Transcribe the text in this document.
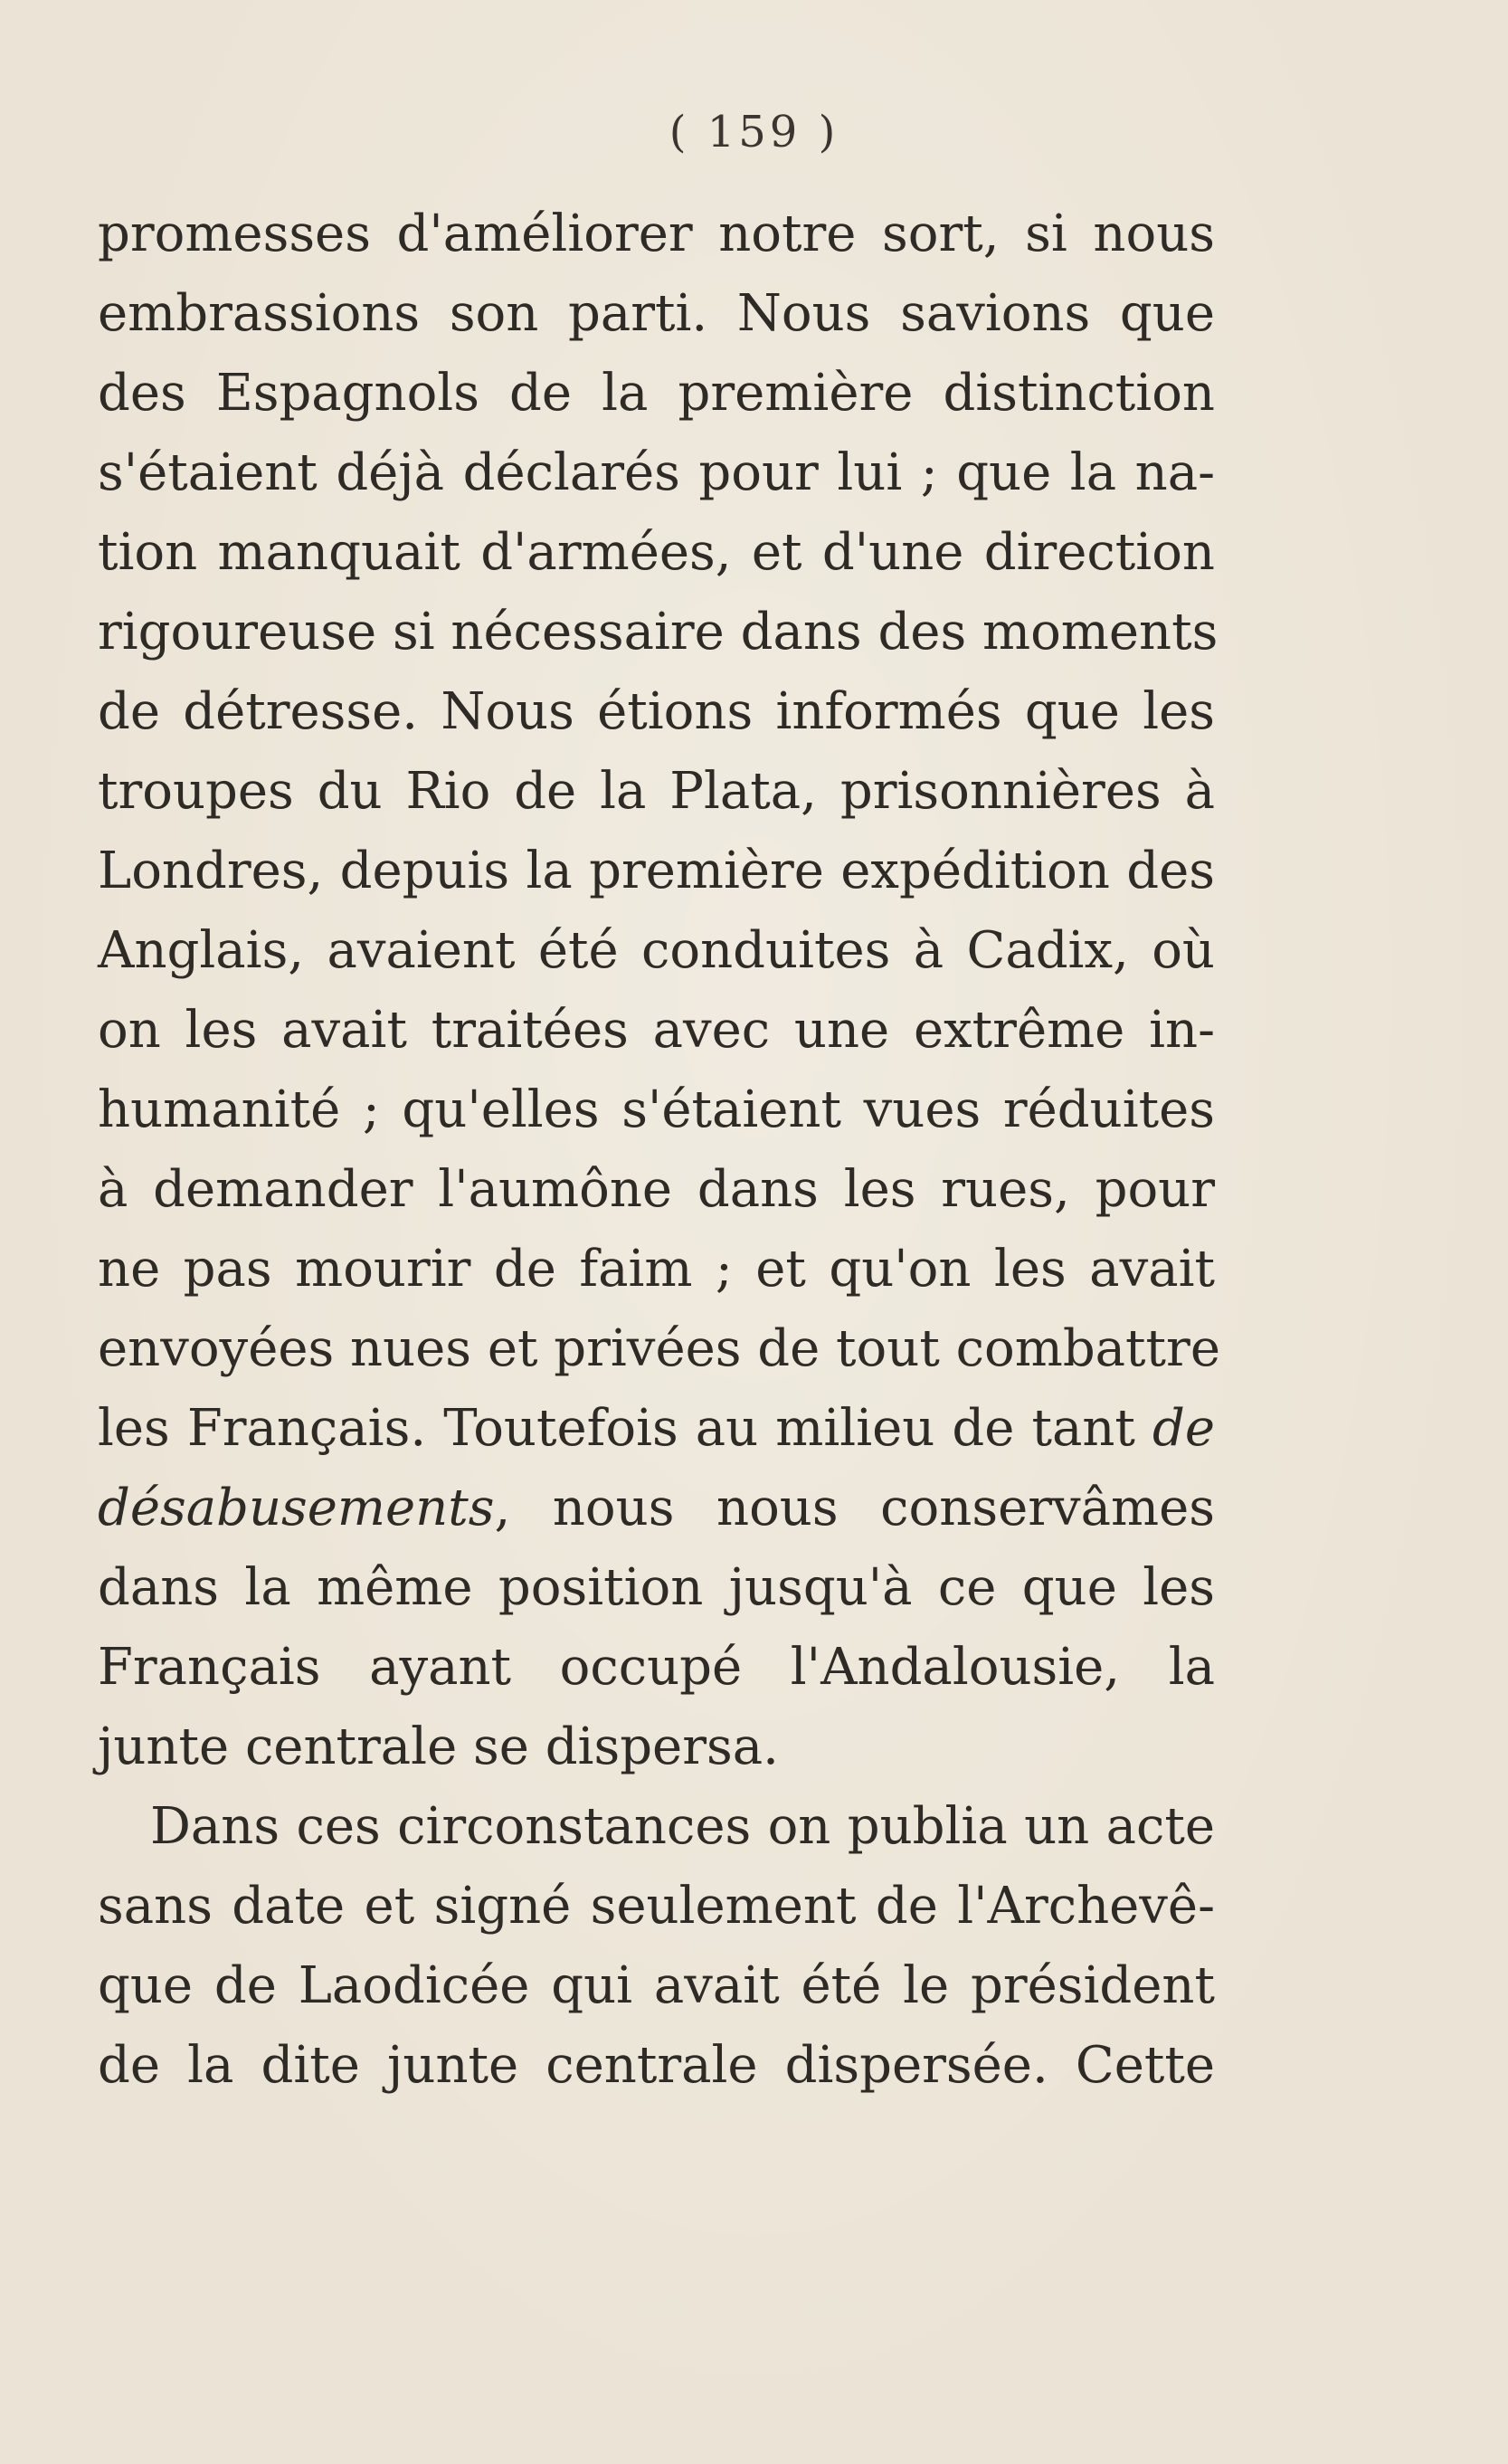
( 159 )
promesses d'améliorer notre sort, si nous
embrassions son parti. Nous savions que
des Espagnols de la première distinction
s'étaient déjà déclarés pour lui ; que la na-
tion manquait d'armées, et d'une direction
rigoureuse si nécessaire dans des moments
de détresse. Nous étions informés que les
troupes du Rio de la Plata, prisonnières à
Londres, depuis la première expédition des
Anglais, avaient été conduites à Cadix, où
on les avait traitées avec une extrême in-
humanité ; qu'elles s'étaient vues réduites
à demander l'aumône dans les rues, pour
ne pas mourir de faim ; et qu'on les avait
envoyées nues et privées de tout combattre
les Français. Toutefois au milieu de tant de
désabusements, nous nous conservâmes
dans la même position jusqu'à ce que les
Français ayant occupé l'Andalousie, la
junte centrale se dispersa.
Dans ces circonstances on publia un acte
sans date et signé seulement de l'Archevê-
que de Laodicée qui avait été le président
de la dite junte centrale dispersée. Cette
